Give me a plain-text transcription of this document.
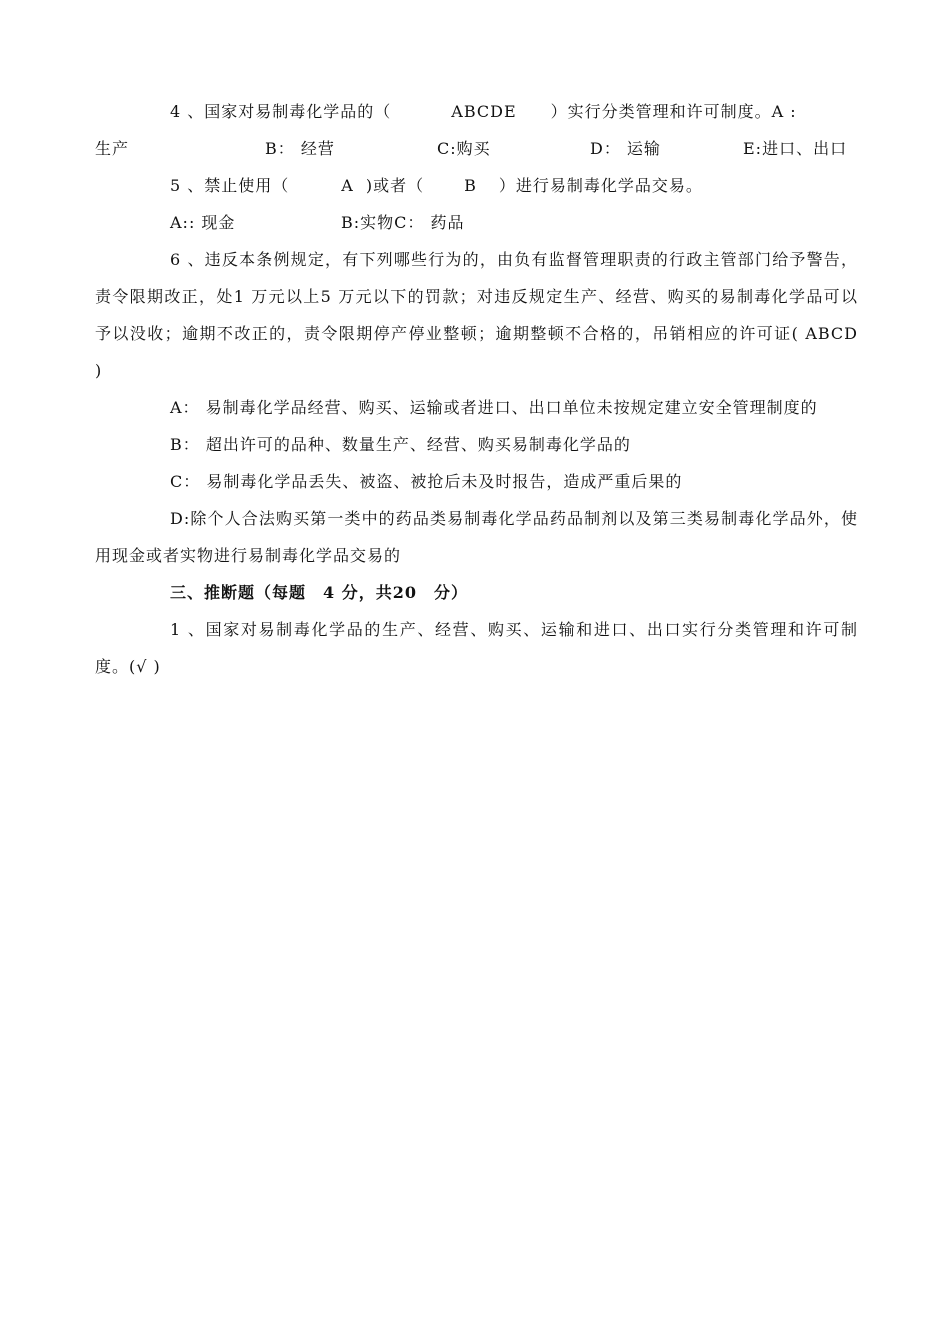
4 、国家对易制毒化学品的（	ABCDE ）实行分类管理和许可制度。A :
生产	B： 经营	C:购买	D： 运输	E:进口、出口
5 、禁止使用（	A )或者（	B ）进行易制毒化学品交易。
A:: 现金	B:实物C： 药品
6 、违反本条例规定，有下列哪些行为的，由负有监督管理职责的行政主管部门给予警告，责令限期改正，处1 万元以上5 万元以下的罚款；对违反规定生产、经营、购买的易制毒化学品可以予以没收；逾期不改正的，责令限期停产停业整顿；逾期整顿不合格的，吊销相应的许可证( ABCD　　 )
A： 易制毒化学品经营、购买、运输或者进口、出口单位未按规定建立安全管理制度的
B： 超出许可的品种、数量生产、经营、购买易制毒化学品的
C： 易制毒化学品丢失、被盗、被抢后未及时报告，造成严重后果的
D:除个人合法购买第一类中的药品类易制毒化学品药品制剂以及第三类易制毒化学品外，使用现金或者实物进行易制毒化学品交易的
三、推断题（每题　4 分，共20　分）
1 、国家对易制毒化学品的生产、经营、购买、运输和进口、出口实行分类管理和许可制度。(√ )
